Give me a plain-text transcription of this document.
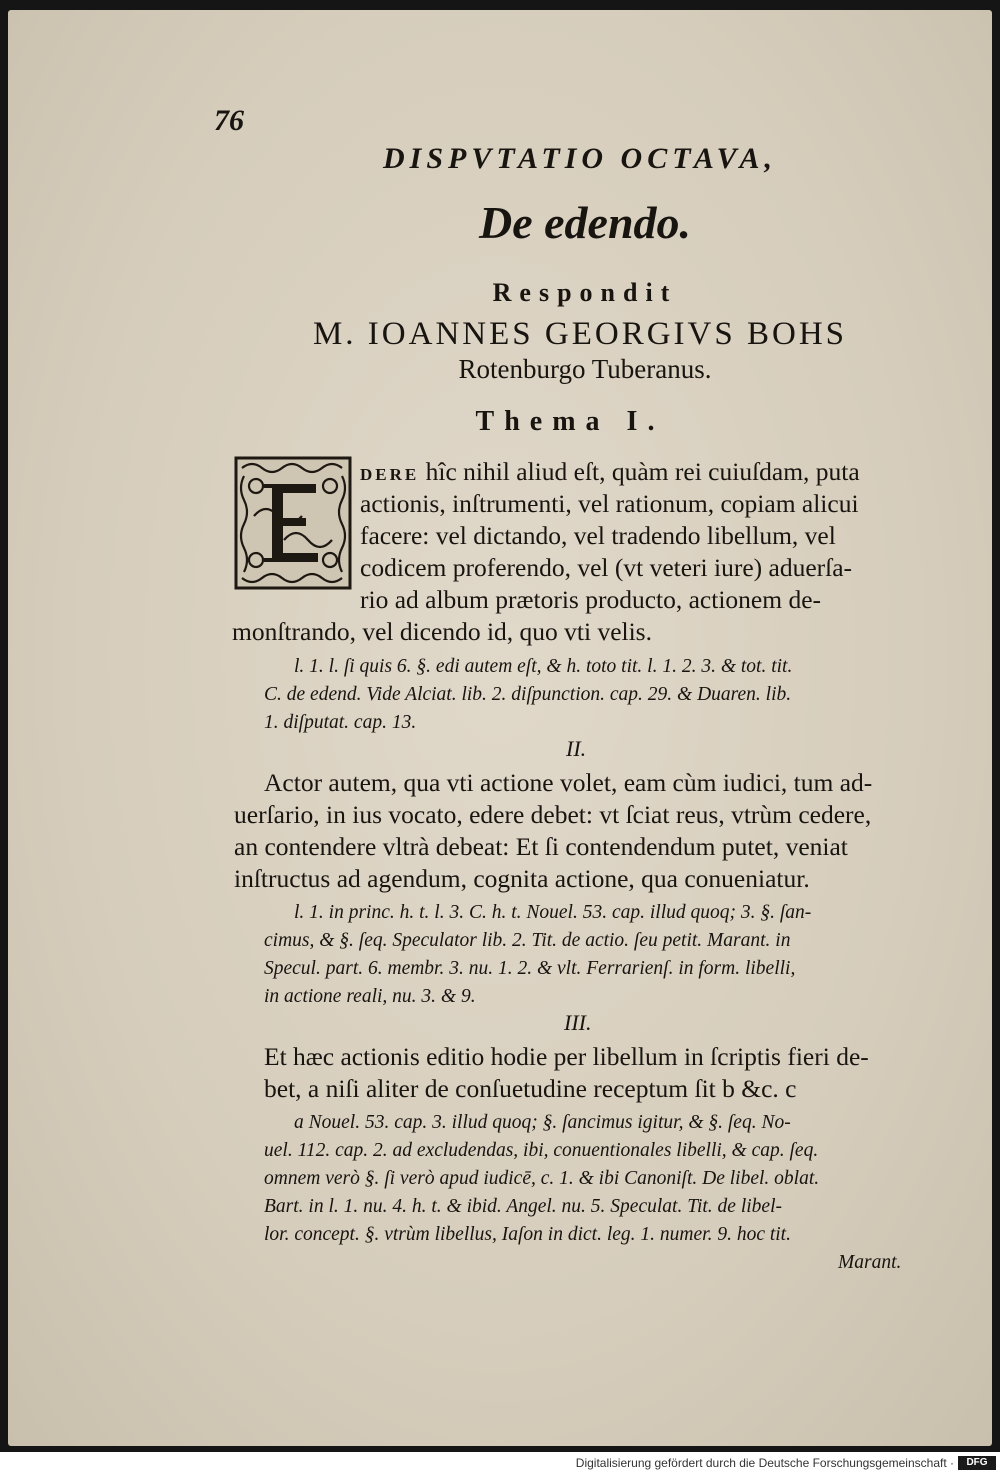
76
DISPVTATIO OCTAVA,
De edendo.
Respondit
M. IOANNES GEORGIVS BOHS
Rotenburgo Tuberanus.
Thema I.
DERE hîc nihil aliud eſt, quàm rei cuiuſdam, puta
actionis, inſtrumenti, vel rationum, copiam alicui
facere: vel dictando, vel tradendo libellum, vel
codicem proferendo, vel (vt veteri iure) aduerſa-
rio ad album prætoris producto, actionem de-
monſtrando, vel dicendo id, quo vti velis.
l. 1. l. ſi quis 6. §. edi autem eſt, & h. toto tit. l. 1. 2. 3. & tot. tit.
C. de edend. Vide Alciat. lib. 2. diſpunction. cap. 29. & Duaren. lib.
1. diſputat. cap. 13.
II.
Actor autem, qua vti actione volet, eam cùm iudici, tum ad-
uerſario, in ius vocato, edere debet: vt ſciat reus, vtrùm cedere,
an contendere vltrà debeat: Et ſi contendendum putet, veniat
inſtructus ad agendum, cognita actione, qua conueniatur.
l. 1. in princ. h. t. l. 3. C. h. t. Nouel. 53. cap. illud quoq; 3. §. ſan-
cimus, & §. ſeq. Speculator lib. 2. Tit. de actio. ſeu petit. Marant. in
Specul. part. 6. membr. 3. nu. 1. 2. & vlt. Ferrarienſ. in form. libelli,
in actione reali, nu. 3. & 9.
III.
Et hæc actionis editio hodie per libellum in ſcriptis fieri de-
bet, a niſi aliter de conſuetudine receptum ſit b &c. c
a Nouel. 53. cap. 3. illud quoq; §. ſancimus igitur, & §. ſeq. No-
uel. 112. cap. 2. ad excludendas, ibi, conuentionales libelli, & cap. ſeq.
omnem verò §. ſi verò apud iudicē, c. 1. & ibi Canoniſt. De libel. oblat.
Bart. in l. 1. nu. 4. h. t. & ibid. Angel. nu. 5. Speculat. Tit. de libel-
lor. concept. §. vtrùm libellus, Iaſon in dict. leg. 1. numer. 9. hoc tit.
Marant.
Digitalisierung gefördert durch die Deutsche Forschungsgemeinschaft ·	DFG
